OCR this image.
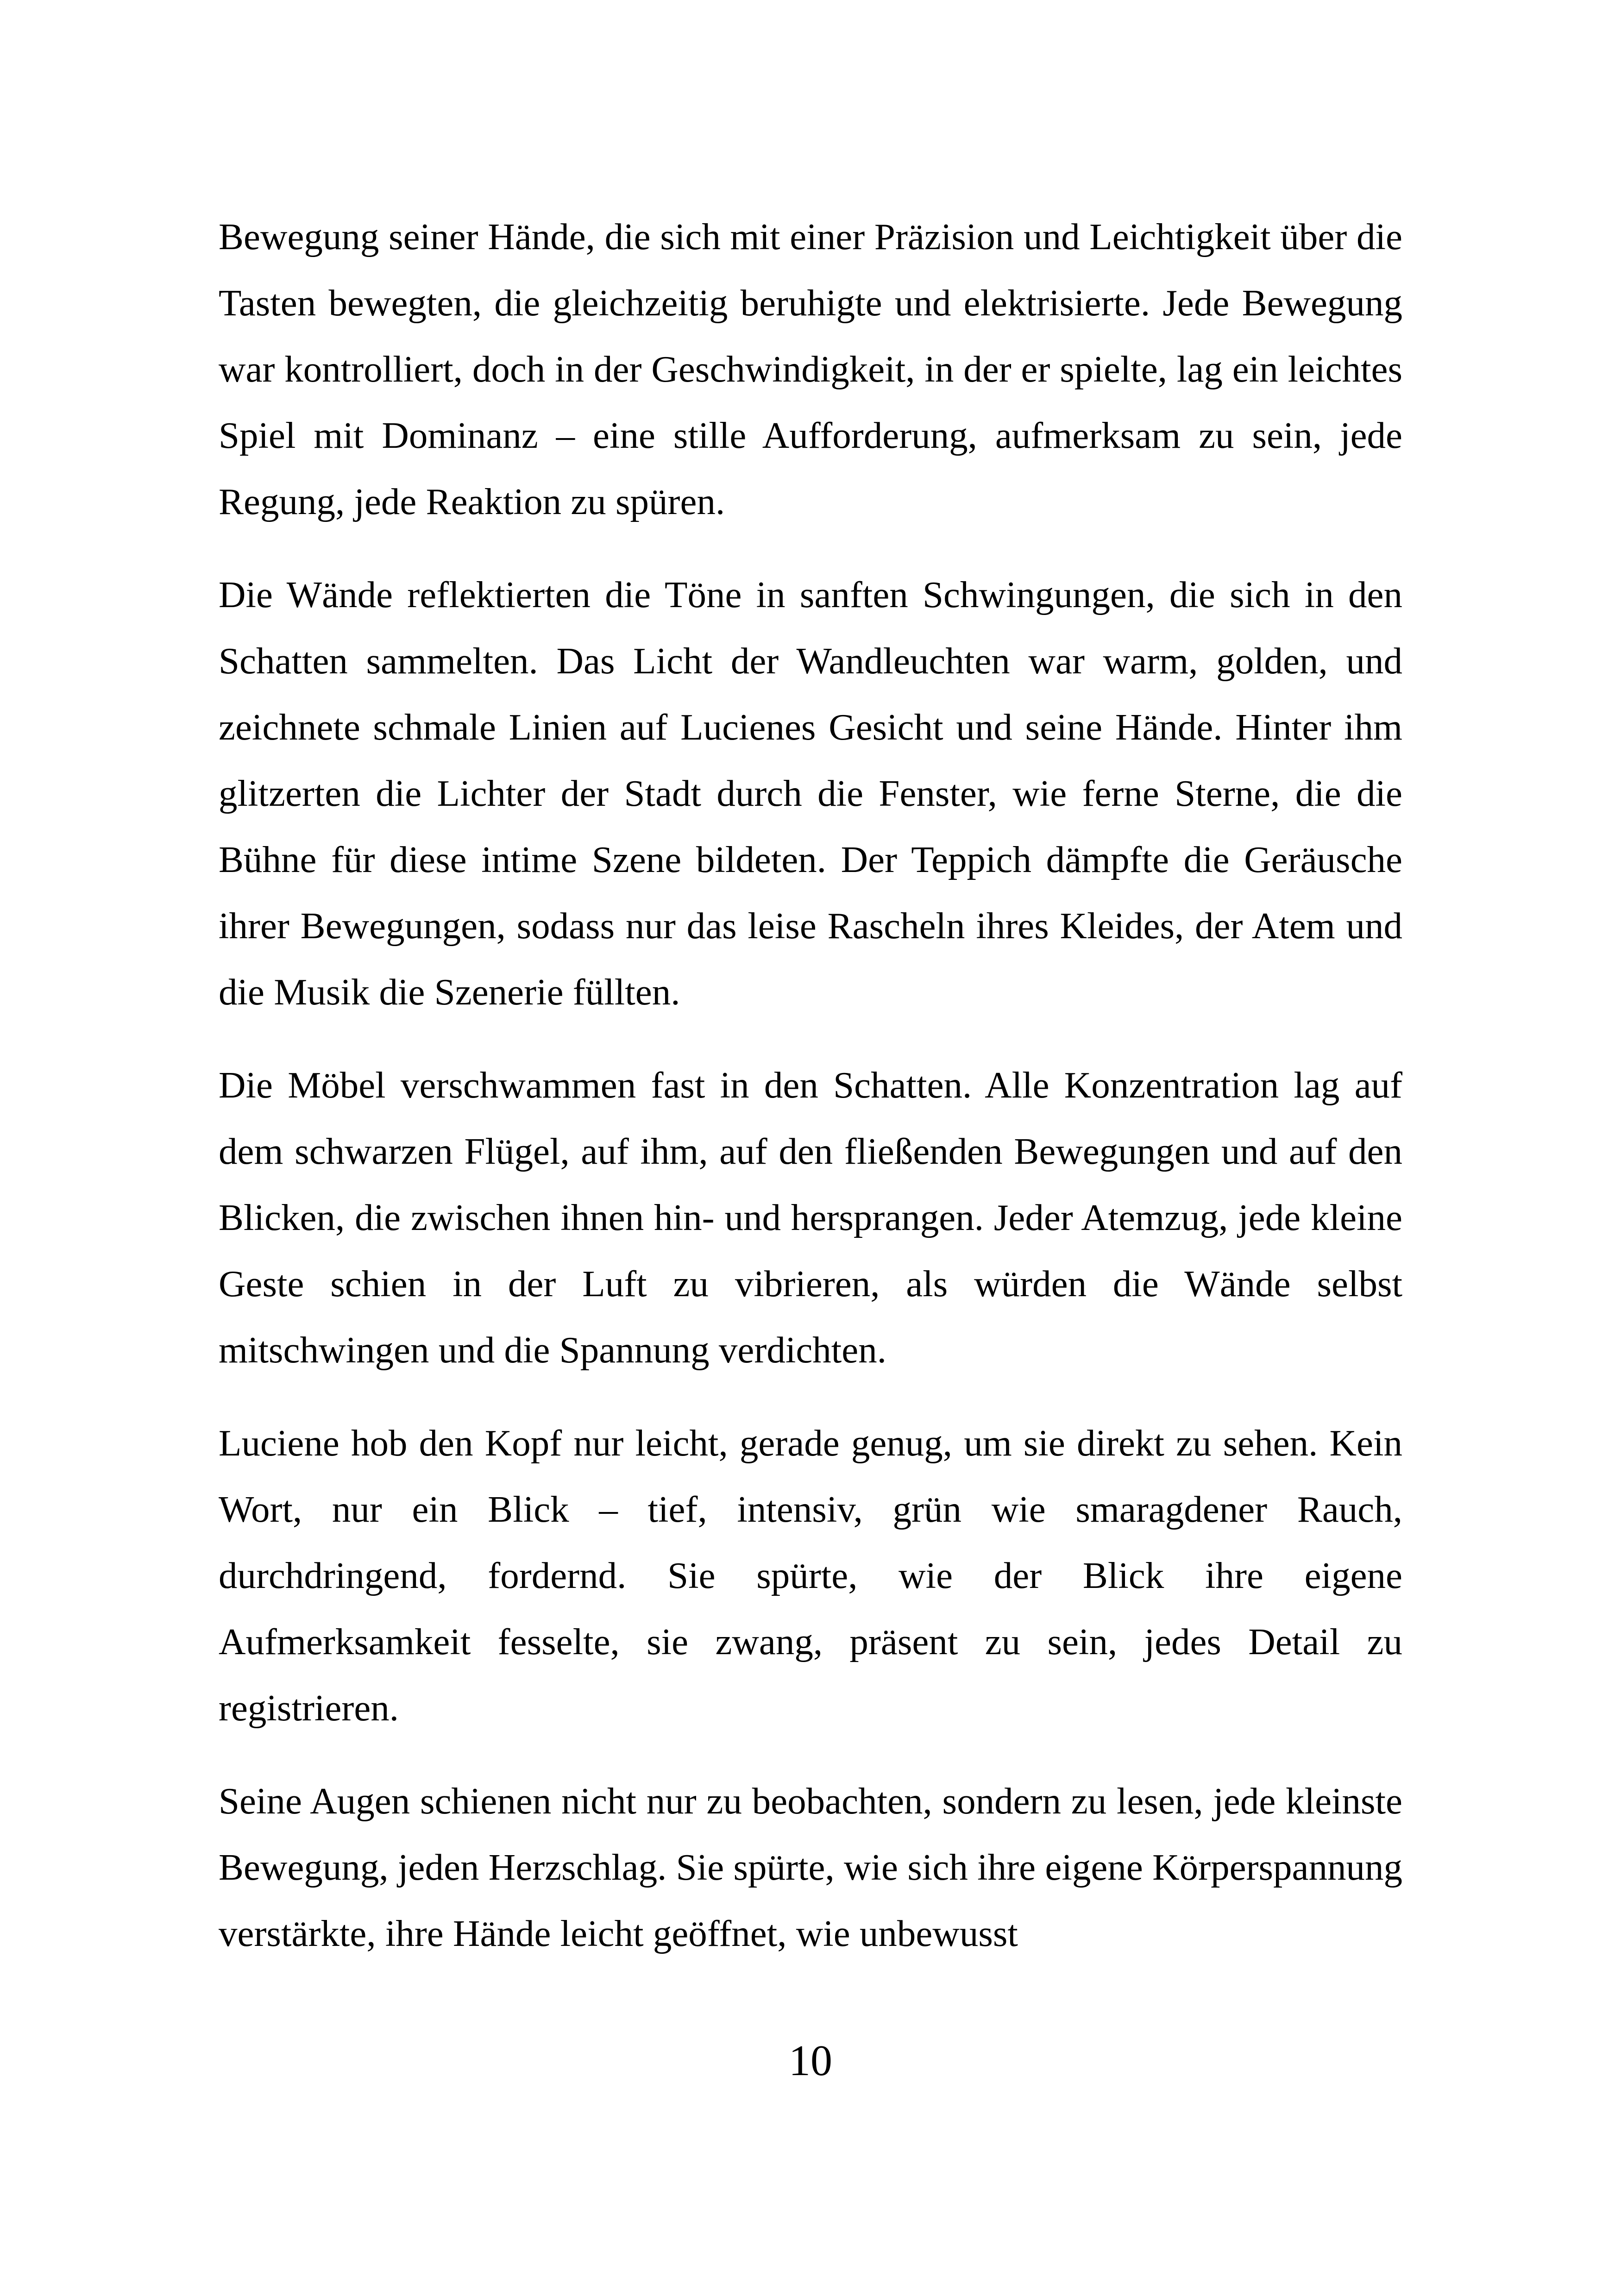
Bewegung seiner Hände, die sich mit einer Präzision und Leichtigkeit über die Tasten bewegten, die gleichzeitig beruhigte und elektrisierte. Jede Bewegung war kontrolliert, doch in der Geschwindigkeit, in der er spielte, lag ein leichtes Spiel mit Dominanz – eine stille Aufforderung, aufmerksam zu sein, jede Regung, jede Reaktion zu spüren.

Die Wände reflektierten die Töne in sanften Schwingungen, die sich in den Schatten sammelten. Das Licht der Wandleuchten war warm, golden, und zeichnete schmale Linien auf Lucienes Gesicht und seine Hände. Hinter ihm glitzerten die Lichter der Stadt durch die Fenster, wie ferne Sterne, die die Bühne für diese intime Szene bildeten. Der Teppich dämpfte die Geräusche ihrer Bewegungen, sodass nur das leise Rascheln ihres Kleides, der Atem und die Musik die Szenerie füllten.

Die Möbel verschwammen fast in den Schatten. Alle Konzentration lag auf dem schwarzen Flügel, auf ihm, auf den fließenden Bewegungen und auf den Blicken, die zwischen ihnen hin- und hersprangen. Jeder Atemzug, jede kleine Geste schien in der Luft zu vibrieren, als würden die Wände selbst mitschwingen und die Spannung verdichten.

Luciene hob den Kopf nur leicht, gerade genug, um sie direkt zu sehen. Kein Wort, nur ein Blick – tief, intensiv, grün wie smaragdener Rauch, durchdringend, fordernd. Sie spürte, wie der Blick ihre eigene Aufmerksamkeit fesselte, sie zwang, präsent zu sein, jedes Detail zu registrieren.

Seine Augen schienen nicht nur zu beobachten, sondern zu lesen, jede kleinste Bewegung, jeden Herzschlag. Sie spürte, wie sich ihre eigene Körperspannung verstärkte, ihre Hände leicht geöffnet, wie unbewusst

10
